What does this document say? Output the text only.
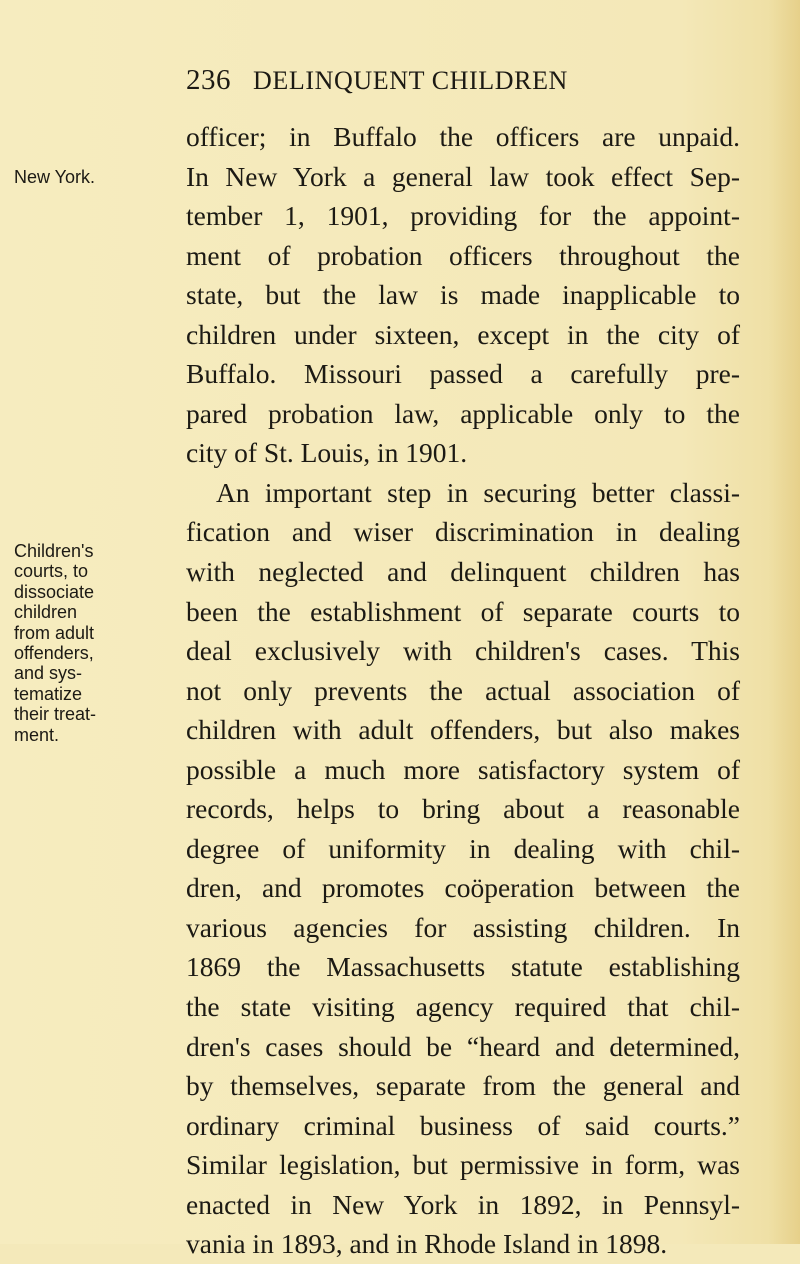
236 DELINQUENT CHILDREN
New York.
Children's
courts, to
dissociate
children
from adult
offenders,
and sys-
tematize
their treat-
ment.
officer; in Buffalo the officers are unpaid.
In New York a general law took effect Sep-
tember 1, 1901, providing for the appoint-
ment of probation officers throughout the
state, but the law is made inapplicable to
children under sixteen, except in the city of
Buffalo. Missouri passed a carefully pre-
pared probation law, applicable only to the
city of St. Louis, in 1901.
An important step in securing better classi-
fication and wiser discrimination in dealing
with neglected and delinquent children has
been the establishment of separate courts to
deal exclusively with children's cases. This
not only prevents the actual association of
children with adult offenders, but also makes
possible a much more satisfactory system of
records, helps to bring about a reasonable
degree of uniformity in dealing with chil-
dren, and promotes coöperation between the
various agencies for assisting children. In
1869 the Massachusetts statute establishing
the state visiting agency required that chil-
dren's cases should be “heard and determined,
by themselves, separate from the general and
ordinary criminal business of said courts.”
Similar legislation, but permissive in form, was
enacted in New York in 1892, in Pennsyl-
vania in 1893, and in Rhode Island in 1898.
